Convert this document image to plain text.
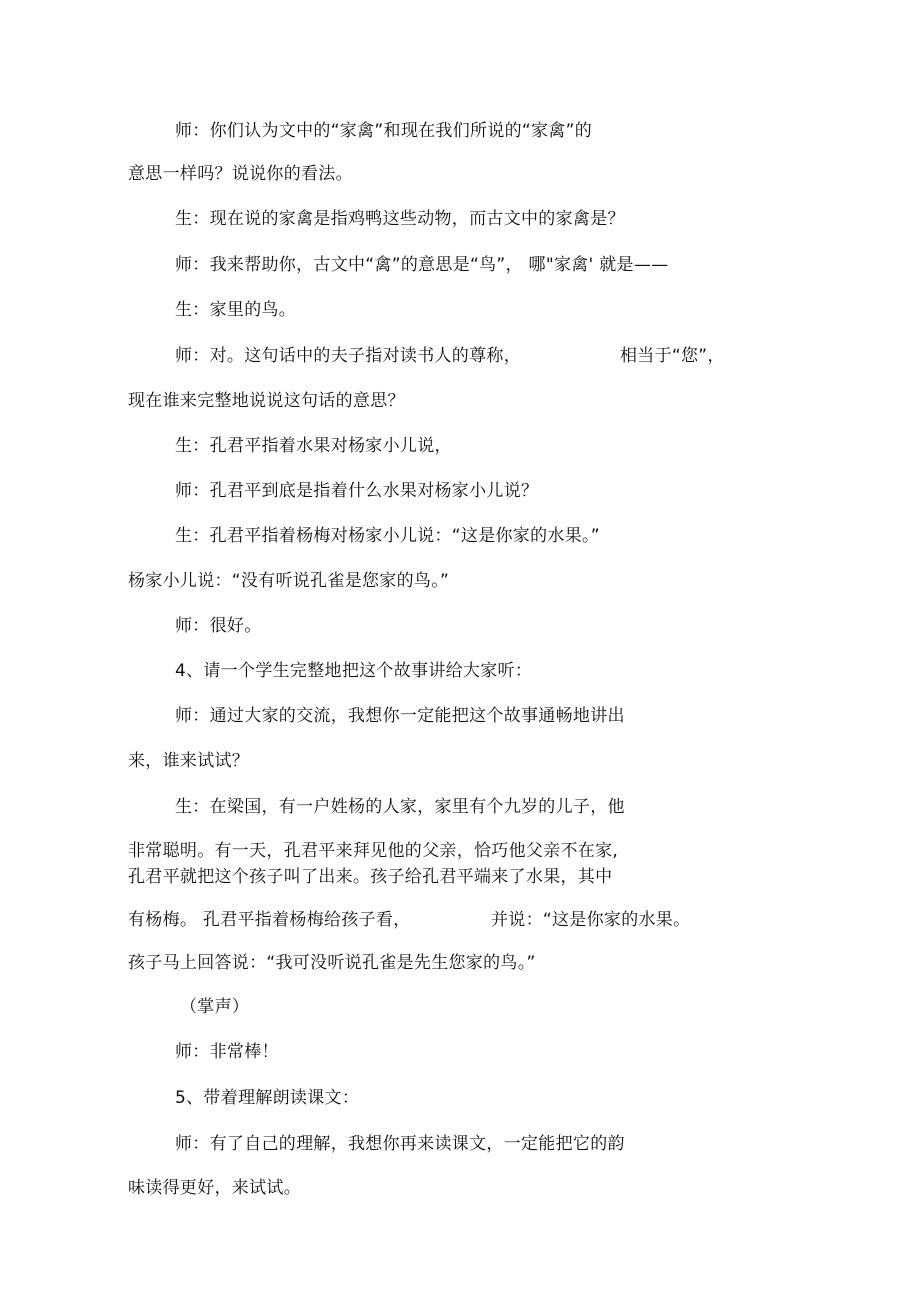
师：你们认为文中的“家禽”和现在我们所说的“家禽”的
意思一样吗？说说你的看法。
生：现在说的家禽是指鸡鸭这些动物，而古文中的家禽是？
师：我来帮助你，古文中“禽”的意思是“鸟”， 哪"家禽' 就是——
生：家里的鸟。
师：对。这句话中的夫子指对读书人的尊称，	相当于“您”，
现在谁来完整地说说这句话的意思？
生：孔君平指着水果对杨家小儿说，
师：孔君平到底是指着什么水果对杨家小儿说？
生：孔君平指着杨梅对杨家小儿说：“这是你家的水果。”
杨家小儿说：“没有听说孔雀是您家的鸟。”
师：很好。
4、请一个学生完整地把这个故事讲给大家听：
师：通过大家的交流，我想你一定能把这个故事通畅地讲出
来，谁来试试？
生：在梁国，有一户姓杨的人家，家里有个九岁的儿子，他
非常聪明。有一天，孔君平来拜见他的父亲，恰巧他父亲不在家,
孔君平就把这个孩子叫了出来。孩子给孔君平端来了水果，其中
有杨梅。 孔君平指着杨梅给孩子看，	并说：“这是你家的水果。
孩子马上回答说：“我可没听说孔雀是先生您家的鸟。”
（掌声）
师：非常棒！
5、带着理解朗读课文：
师：有了自己的理解，我想你再来读课文，一定能把它的韵
味读得更好，来试试。
